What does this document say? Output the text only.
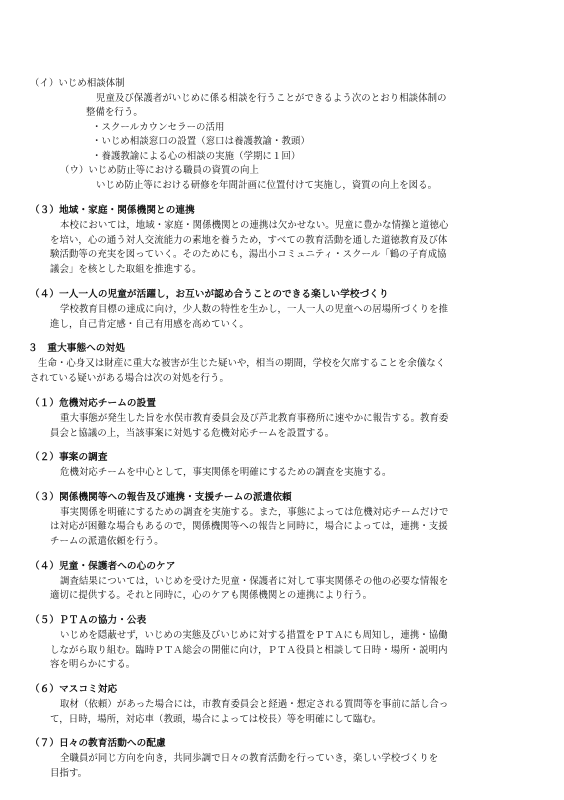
（イ）いじめ相談体制
児童及び保護者がいじめに係る相談を行うことができるよう次のとおり相談体制の
整備を行う。
・スクールカウンセラーの活用
・いじめ相談窓口の設置（窓口は養護教諭・教頭）
・養護教諭による心の相談の実施（学期に１回）
（ウ）いじめ防止等における職員の資質の向上
いじめ防止等における研修を年間計画に位置付けて実施し，資質の向上を図る。
（３）地域・家庭・関係機関との連携
本校においては，地域・家庭・関係機関との連携は欠かせない。児童に豊かな情操と道徳心
を培い，心の通う対人交流能力の素地を養うため，すべての教育活動を通した道徳教育及び体
験活動等の充実を図っていく。そのためにも，湯出小コミュニティ・スクール「鶴の子育成協
議会」を核とした取組を推進する。
（４）一人一人の児童が活躍し，お互いが認め合うことのできる楽しい学校づくり
学校教育目標の達成に向け，少人数の特性を生かし，一人一人の児童への居場所づくりを推
進し，自己肯定感・自己有用感を高めていく。
３　重大事態への対処
生命・心身又は財産に重大な被害が生じた疑いや，相当の期間，学校を欠席することを余儀なく
されている疑いがある場合は次の対処を行う。
（１）危機対応チームの設置
重大事態が発生した旨を水俣市教育委員会及び芦北教育事務所に速やかに報告する。教育委
員会と協議の上，当該事案に対処する危機対応チームを設置する。
（２）事案の調査
危機対応チームを中心として，事実関係を明確にするための調査を実施する。
（３）関係機関等への報告及び連携・支援チームの派遣依頼
事実関係を明確にするための調査を実施する。また，事態によっては危機対応チームだけで
は対応が困難な場合もあるので，関係機関等への報告と同時に，場合によっては，連携・支援
チームの派遣依頼を行う。
（４）児童・保護者への心のケア
調査結果については，いじめを受けた児童・保護者に対して事実関係その他の必要な情報を
適切に提供する。それと同時に，心のケアも関係機関との連携により行う。
（５）ＰＴＡの協力・公表
いじめを隠蔽せず，いじめの実態及びいじめに対する措置をＰＴＡにも周知し，連携・協働
しながら取り組む。臨時ＰＴＡ総会の開催に向け，ＰＴＡ役員と相談して日時・場所・説明内
容を明らかにする。
（６）マスコミ対応
取材（依頼）があった場合には，市教育委員会と経過・想定される質問等を事前に話し合っ
て，日時，場所，対応車（教頭，場合によっては校長）等を明確にして臨む。
（７）日々の教育活動への配慮
全職員が同じ方向を向き，共同歩調で日々の教育活動を行っていき，楽しい学校づくりを
目指す。
